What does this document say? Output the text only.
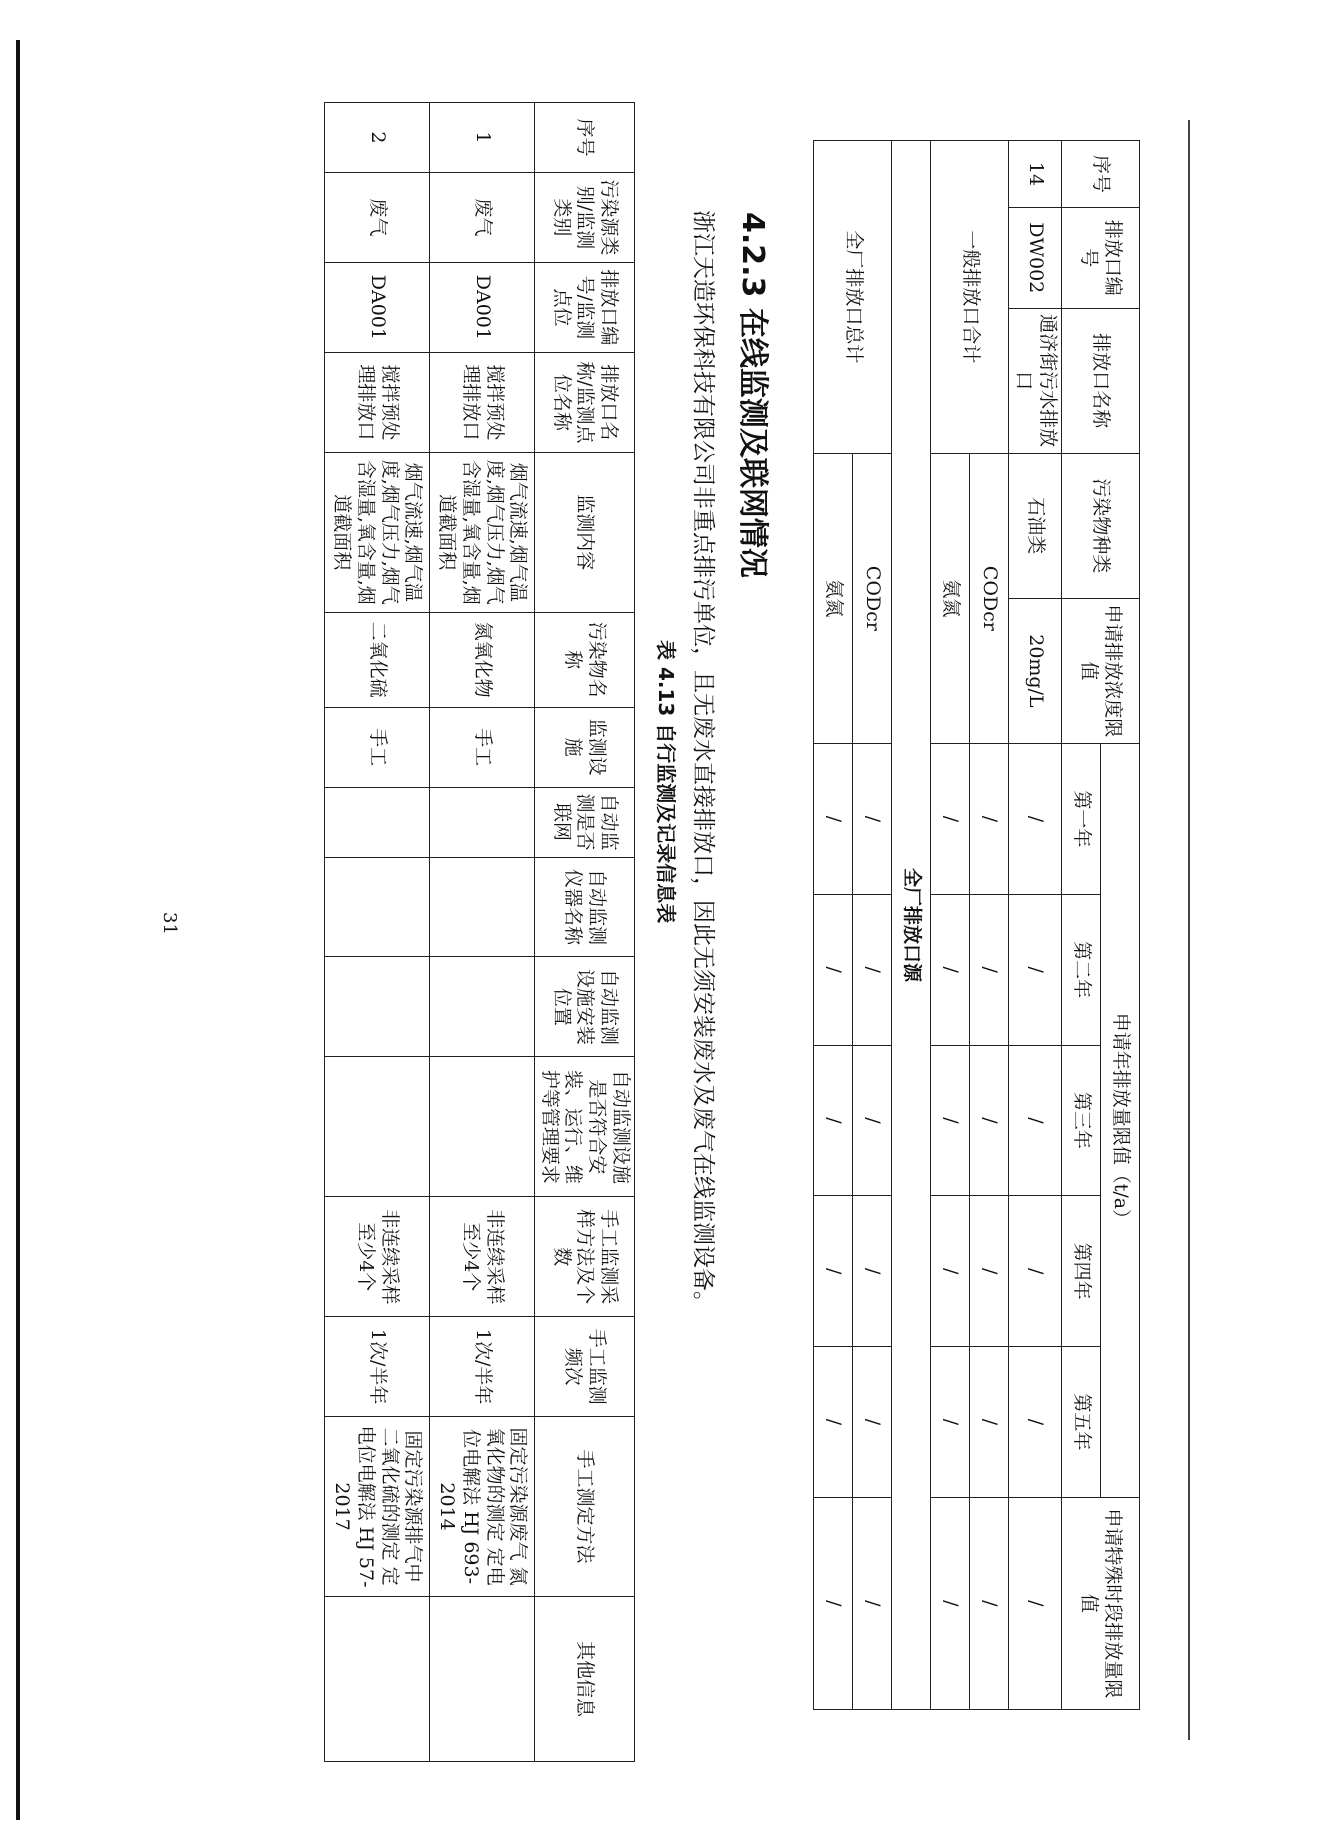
序号	排放口编号	排放口名称	污染物种类	申请排放浓度限值	申请年排放量限值（t/a）					申请特殊时段排放量限值
					第一年	第二年	第三年	第四年	第五年	
14	DW002	通济街污水排放口	石油类	20mg/L	/	/	/	/	/	/
一般排放口合计			CODcr		/	/	/	/	/	/
			氨氮		/	/	/	/	/	/
全厂排放口源										
全厂排放口总计			CODcr		/	/	/	/	/	/
			氨氮		/	/	/	/	/	/
4.2.3 在线监测及联网情况
浙江天造环保科技有限公司非重点排污单位，且无废水直接排放口，因此无须安装废水及废气在线监测设备。
表 4.13 自行监测及记录信息表
序号	污染源类别/监测类别	排放口编号/监测点位	排放口名称/监测点位名称	监测内容	污染物名称	监测设施	自动监测是否联网	自动监测仪器名称	自动监测设施安装位置	自动监测设施是否符合安装、运行、维护等管理要求	手工监测采样方法及个数	手工监测频次	手工测定方法	其他信息
1	废气	DA001	搅拌预处理排放口	烟气流速,烟气温度,烟气压力,烟气含湿量,氧含量,烟道截面积	氮氧化物	手工					非连续采样 至少4个	1次/半年	固定污染源废气 氮氧化物的测定 定电位电解法 HJ 693-2014	
2	废气	DA001	搅拌预处理排放口	烟气流速,烟气温度,烟气压力,烟气含湿量,氧含量,烟道截面积	二氧化硫	手工					非连续采样 至少4个	1次/半年	固定污染源排气中二氧化硫的测定 定电位电解法 HJ 57-2017	
31
